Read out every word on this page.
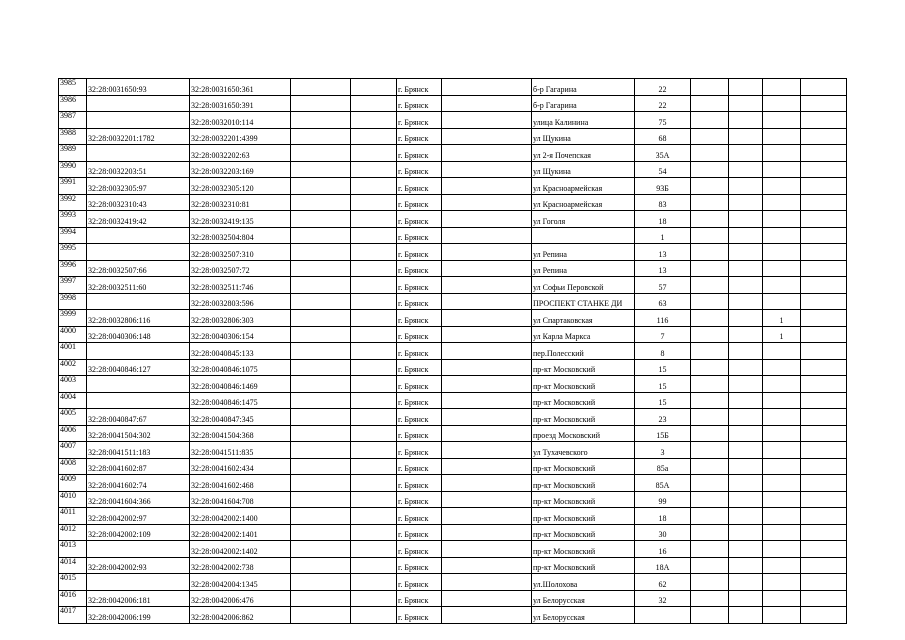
3985	32:28:0031650:93	32:28:0031650:361			г. Брянск		б-р Гагарина	22				
3986		32:28:0031650:391			г. Брянск		б-р Гагарина	22				
3987		32:28:0032010:114			г. Брянск		улица Калинина	75				
3988	32:28:0032201:1782	32:28:0032201:4399			г. Брянск		ул Щукина	68				
3989		32:28:0032202:63			г. Брянск		ул 2-я Почепская	35А				
3990	32:28:0032203:51	32:28:0032203:169			г. Брянск		ул Щукина	54				
3991	32:28:0032305:97	32:28:0032305:120			г. Брянск		ул Красноармейская	93Б				
3992	32:28:0032310:43	32:28:0032310:81			г. Брянск		ул Красноармейская	83				
3993	32:28:0032419:42	32:28:0032419:135			г. Брянск		ул Гоголя	18				
3994		32:28:0032504:804			г. Брянск			1				
3995		32:28:0032507:310			г. Брянск		ул Репина	13				
3996	32:28:0032507:66	32:28:0032507:72			г. Брянск		ул Репина	13				
3997	32:28:0032511:60	32:28:0032511:746			г. Брянск		ул Софьи Перовской	57				
3998		32:28:0032803:596			г. Брянск		ПРОСПЕКТ СТАНКЕ ДИ	63				
3999	32:28:0032806:116	32:28:0032806:303			г. Брянск		ул Спартаковская	116			1	
4000	32:28:0040306:148	32:28:0040306:154			г. Брянск		ул Карла Маркса	7			1	
4001		32:28:0040845:133			г. Брянск		пер.Полесский	8				
4002	32:28:0040846:127	32:28:0040846:1075			г. Брянск		пр-кт Московский	15				
4003		32:28:0040846:1469			г. Брянск		пр-кт Московский	15				
4004		32:28:0040846:1475			г. Брянск		пр-кт Московский	15				
4005	32:28:0040847:67	32:28:0040847:345			г. Брянск		пр-кт Московский	23				
4006	32:28:0041504:302	32:28:0041504:368			г. Брянск		проезд Московский	15Б				
4007	32:28:0041511:183	32:28:0041511:835			г. Брянск		ул Тухачевского	3				
4008	32:28:0041602:87	32:28:0041602:434			г. Брянск		пр-кт Московский	85а				
4009	32:28:0041602:74	32:28:0041602:468			г. Брянск		пр-кт Московский	85А				
4010	32:28:0041604:366	32:28:0041604:708			г. Брянск		пр-кт Московский	99				
4011	32:28:0042002:97	32:28:0042002:1400			г. Брянск		пр-кт Московский	18				
4012	32:28:0042002:109	32:28:0042002:1401			г. Брянск		пр-кт Московский	30				
4013		32:28:0042002:1402			г. Брянск		пр-кт Московский	16				
4014	32:28:0042002:93	32:28:0042002:738			г. Брянск		пр-кт Московский	18А				
4015		32:28:0042004:1345			г. Брянск		ул.Шолохова	62				
4016	32:28:0042006:181	32:28:0042006:476			г. Брянск		ул Белорусская	32				
4017	32:28:0042006:199	32:28:0042006:862			г. Брянск		ул Белорусская					
